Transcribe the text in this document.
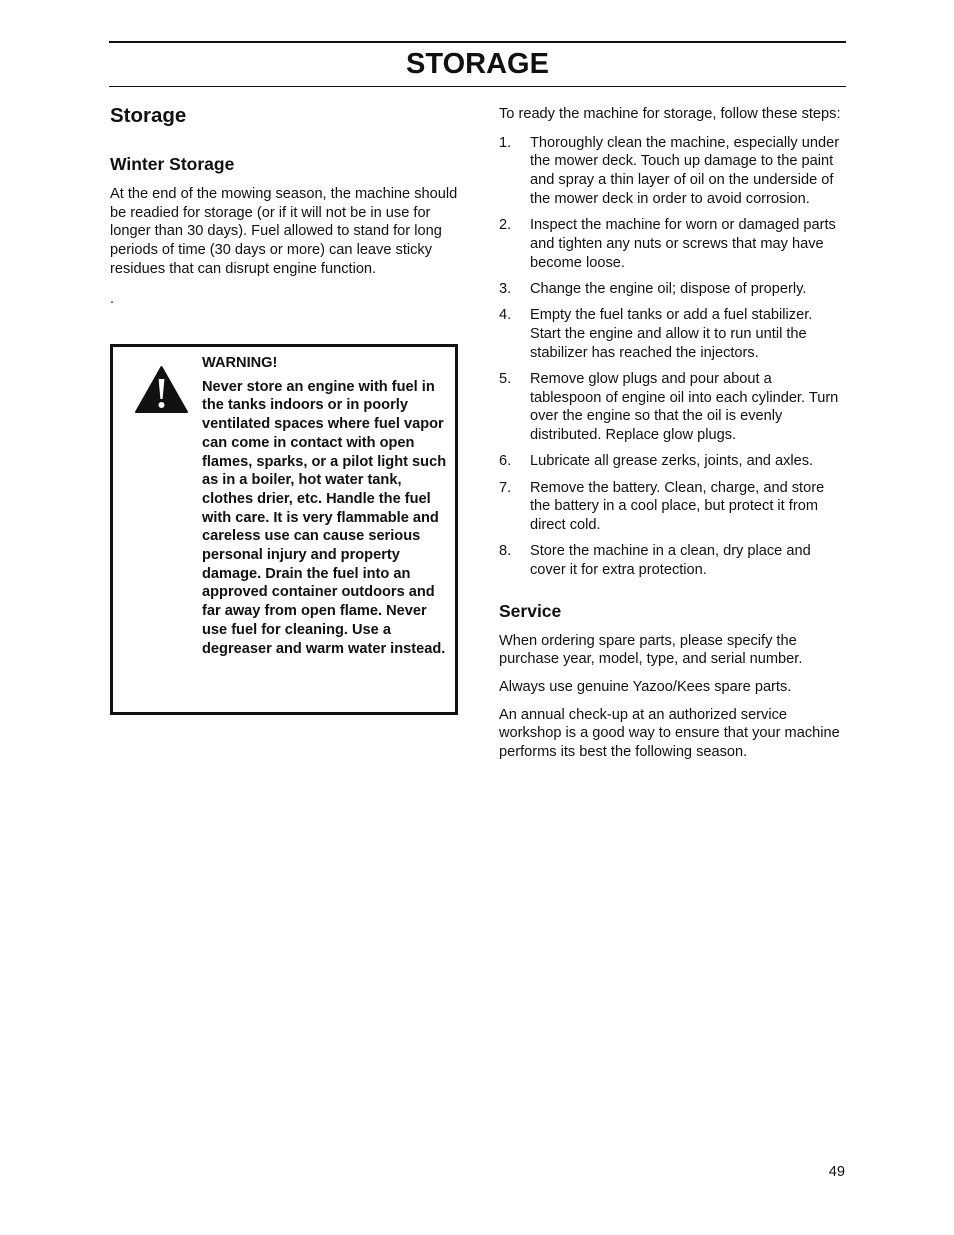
STORAGE
Storage
Winter Storage

At the end of the mowing season, the machine should be readied for storage (or if it will not be in use for longer than 30 days). Fuel allowed to stand for long periods of time (30 days or more) can leave sticky residues that can disrupt engine function.

.

WARNING!
Never store an engine with fuel in the tanks indoors or in poorly ventilated spaces where fuel vapor can come in contact with open flames, sparks, or a pilot light such as in a boiler, hot water tank, clothes drier, etc. Handle the fuel with care. It is very flammable and careless use can cause serious personal injury and property damage. Drain the fuel into an approved container outdoors and far away from open flame. Never use fuel for cleaning. Use a degreaser and warm water instead.

To ready the machine for storage, follow these steps:

1. Thoroughly clean the machine, especially under the mower deck. Touch up damage to the paint and spray a thin layer of oil on the underside of the mower deck in order to avoid corrosion.
2. Inspect the machine for worn or damaged parts and tighten any nuts or screws that may have become loose.
3. Change the engine oil; dispose of properly.
4. Empty the fuel tanks or add a fuel stabilizer. Start the engine and allow it to run until the stabilizer has reached the injectors.
5. Remove glow plugs and pour about a tablespoon of engine oil into each cylinder. Turn over the engine so that the oil is evenly distributed. Replace glow plugs.
6. Lubricate all grease zerks, joints, and axles.
7. Remove the battery. Clean, charge, and store the battery in a cool place, but protect it from direct cold.
8. Store the machine in a clean, dry place and cover it for extra protection.
Service

When ordering spare parts, please specify the purchase year, model, type, and serial number.

Always use genuine Yazoo/Kees spare parts.

An annual check-up at an authorized service workshop is a good way to ensure that your machine performs its best the following season.

49
